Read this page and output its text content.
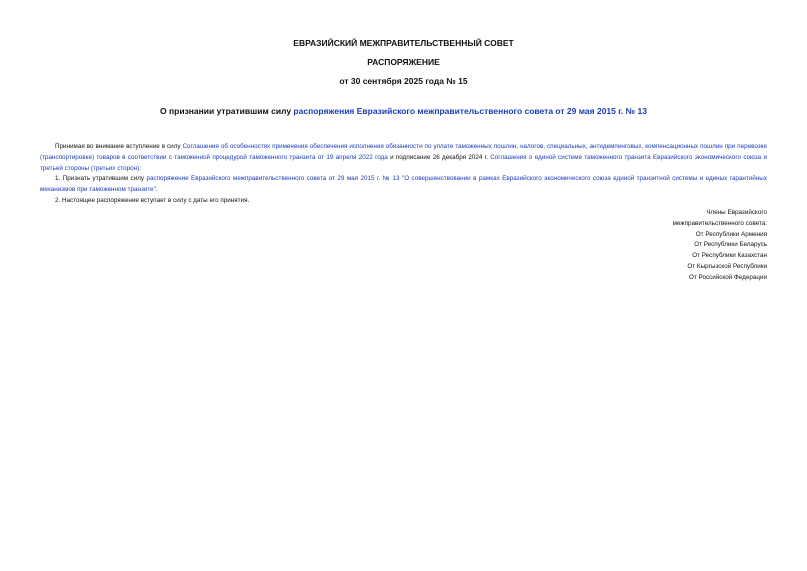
ЕВРАЗИЙСКИЙ МЕЖПРАВИТЕЛЬСТВЕННЫЙ СОВЕТ
РАСПОРЯЖЕНИЕ
от 30 сентября 2025 года № 15
О признании утратившим силу распоряжения Евразийского межправительственного совета от 29 мая 2015 г. № 13

Принимая во внимание вступление в силу Соглашения об особенностях применения обеспечения исполнения обязанности по уплате таможенных пошлин, налогов, специальных, антидемпинговых, компенсационных пошлин при перевозке (транспортировке) товаров в соответствии с таможенной процедурой таможенного транзита от 19 апреля 2022 года и подписание 26 декабря 2024 г. Соглашения о единой системе таможенного транзита Евразийского экономического союза и третьей стороны (третьих сторон):

1. Признать утратившим силу распоряжение Евразийского межправительственного совета от 29 мая 2015 г. № 13 "О совершенствовании в рамках Евразийского экономического союза единой транзитной системы и единых гарантийных механизмов при таможенном транзите".

2. Настоящее распоряжение вступает в силу с даты его принятия.

Члены Евразийского
межправительственного совета:
От Республики Армения
От Республики Беларусь
От Республики Казахстан
От Кыргызской Республики
От Российской Федерации
